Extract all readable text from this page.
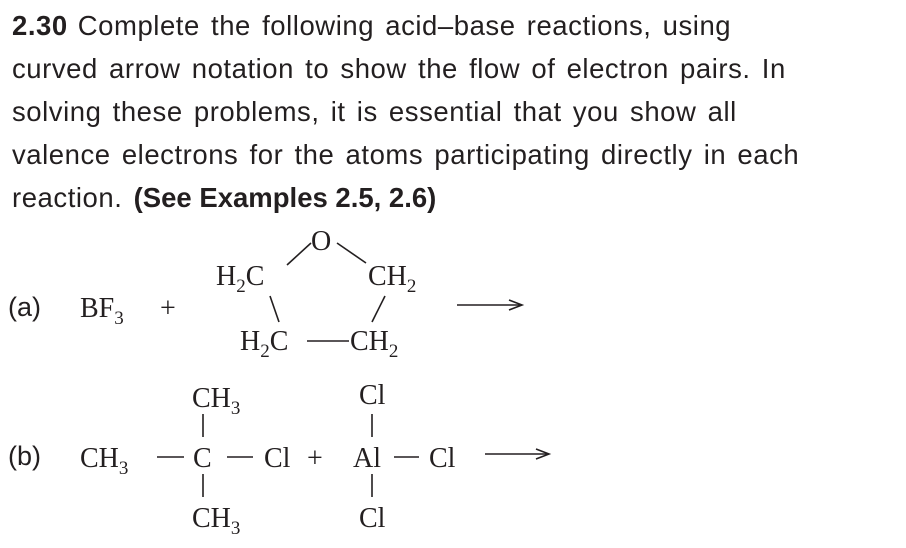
2.30 Complete the following acid–base reactions, using
curved arrow notation to show the flow of electron pairs. In
solving these problems, it is essential that you show all
valence electrons for the atoms participating directly in each
reaction. (See Examples 2.5, 2.6)
(a)
(b)
$BF_3$ +
O
$H_2C$	$CH_2$
$H_2C$ $CH_2$
$CH_3$ C
$CH_3$
$CH_3$
Cl + Al
Cl
Cl
Cl
